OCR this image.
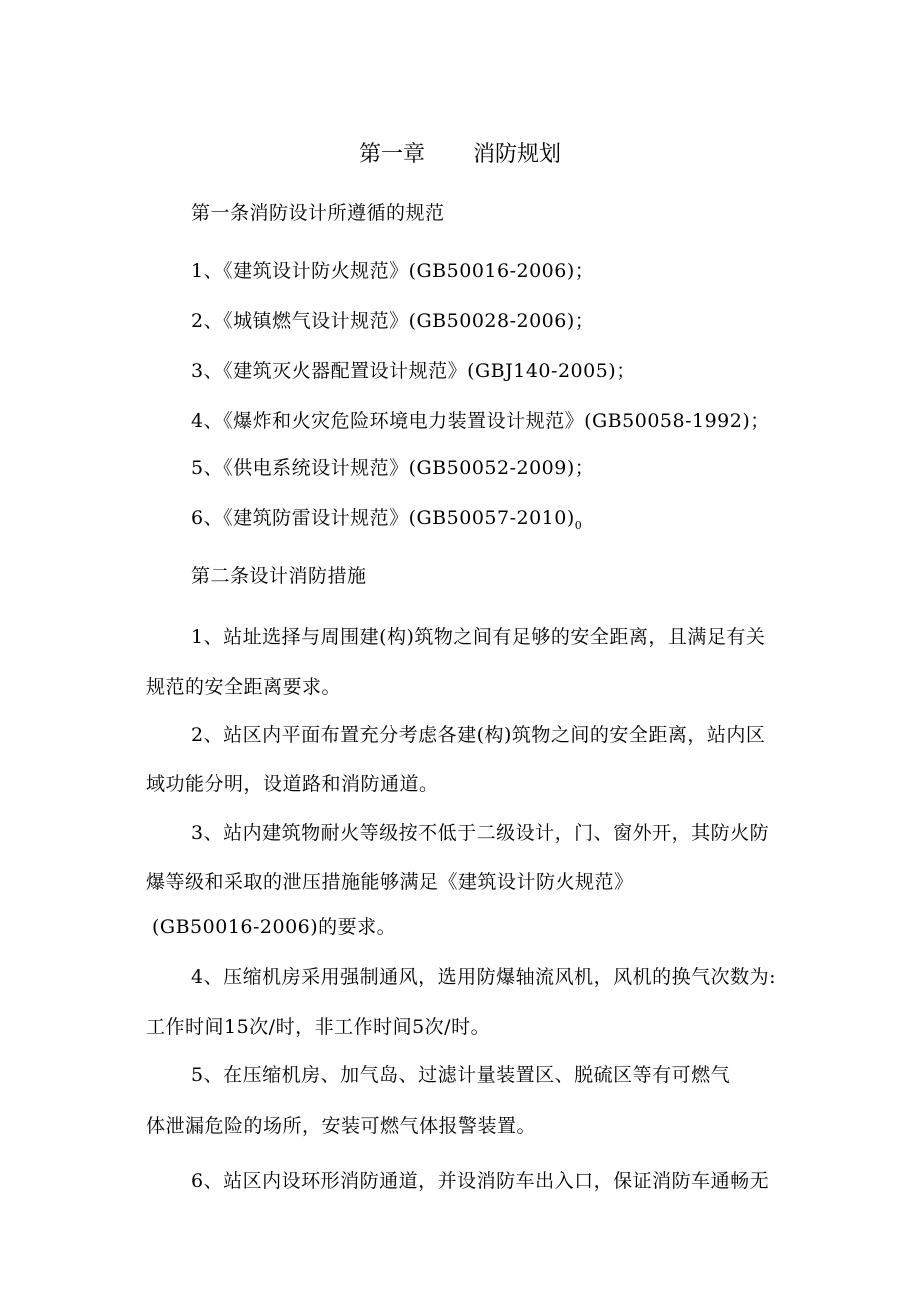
第一章 消防规划
第一条消防设计所遵循的规范
1、《建筑设计防火规范》(GB50016-2006)；
2、《城镇燃气设计规范》(GB50028-2006)；
3、《建筑灭火器配置设计规范》(GBJ140-2005)；
4、《爆炸和火灾危险环境电力装置设计规范》(GB50058-1992)；
5、《供电系统设计规范》(GB50052-2009)；
6、《建筑防雷设计规范》$(GB50057-2010)_0$
第二条设计消防措施
1、站址选择与周围建(构)筑物之间有足够的安全距离，且满足有关
规范的安全距离要求。
2、站区内平面布置充分考虑各建(构)筑物之间的安全距离，站内区
域功能分明，设道路和消防通道。
3、站内建筑物耐火等级按不低于二级设计，门、窗外开，其防火防
爆等级和采取的泄压措施能够满足《建筑设计防火规范》
(GB50016-2006)的要求。
4、压缩机房采用强制通风，选用防爆轴流风机，风机的换气次数为:
工作时间15次/时，非工作时间5次/时。
5、在压缩机房、加气岛、过滤计量装置区、脱硫区等有可燃气
体泄漏危险的场所，安装可燃气体报警装置。
6、站区内设环形消防通道，并设消防车出入口，保证消防车通畅无
